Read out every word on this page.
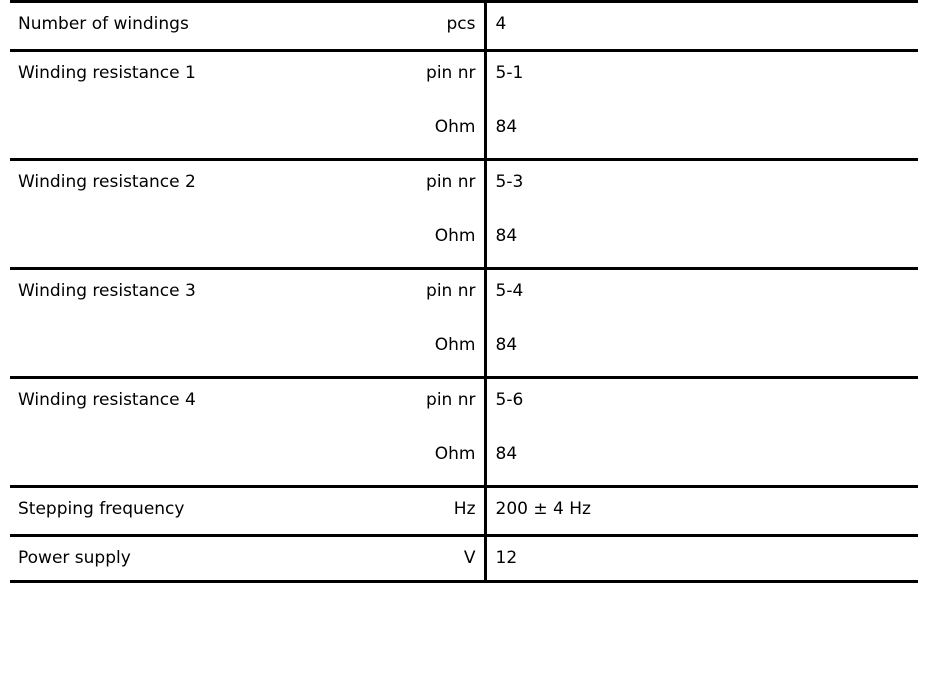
Number of windings	pcs	4
Winding resistance 1	pin nr	5-1
	Ohm	84
Winding resistance 2	pin nr	5-3
	Ohm	84
Winding resistance 3	pin nr	5-4
	Ohm	84
Winding resistance 4	pin nr	5-6
	Ohm	84
Stepping frequency	Hz	200 ± 4 Hz
Power supply	V	12
